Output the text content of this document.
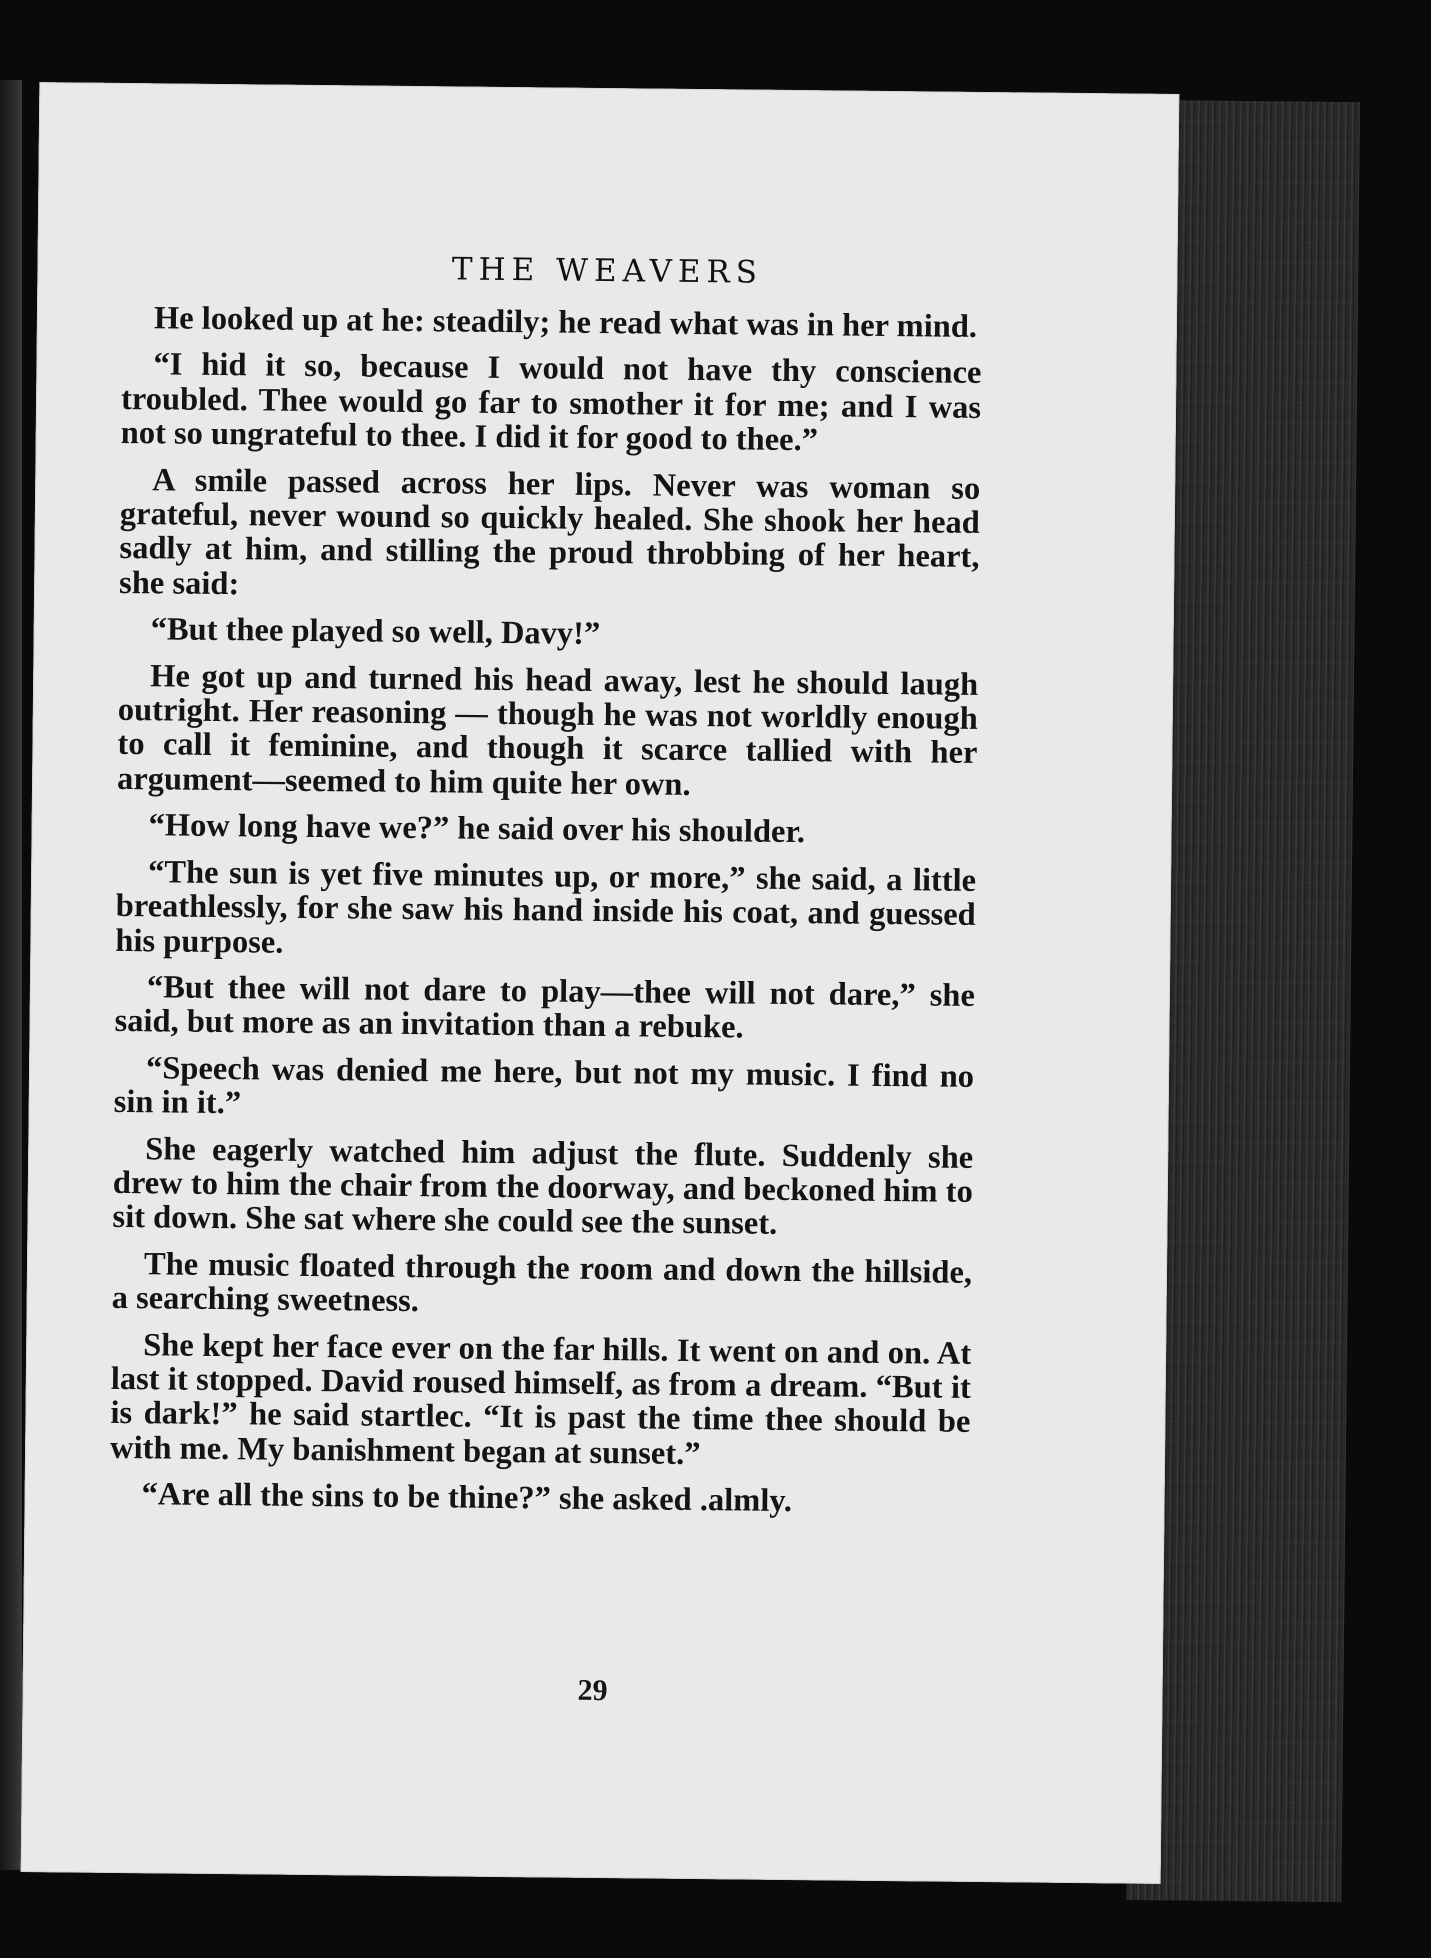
THE WEAVERS

He looked up at he: steadily; he read what was in her mind.

“I hid it so, because I would not have thy conscience troubled. Thee would go far to smother it for me; and I was not so ungrateful to thee. I did it for good to thee.”

A smile passed across her lips. Never was woman so grateful, never wound so quickly healed. She shook her head sadly at him, and stilling the proud throbbing of her heart, she said:

“But thee played so well, Davy!”

He got up and turned his head away, lest he should laugh outright. Her reasoning — though he was not worldly enough to call it feminine, and though it scarce tallied with her argument—seemed to him quite her own.

“How long have we?” he said over his shoulder.

“The sun is yet five minutes up, or more,” she said, a little breathlessly, for she saw his hand inside his coat, and guessed his purpose.

“But thee will not dare to play—thee will not dare,” she said, but more as an invitation than a rebuke.

“Speech was denied me here, but not my music. I find no sin in it.”

She eagerly watched him adjust the flute. Suddenly she drew to him the chair from the doorway, and beckoned him to sit down. She sat where she could see the sunset.

The music floated through the room and down the hillside, a searching sweetness.

She kept her face ever on the far hills. It went on and on. At last it stopped. David roused himself, as from a dream. “But it is dark!” he said startlec. “It is past the time thee should be with me. My banishment began at sunset.”

“Are all the sins to be thine?” she asked .almly.

29
